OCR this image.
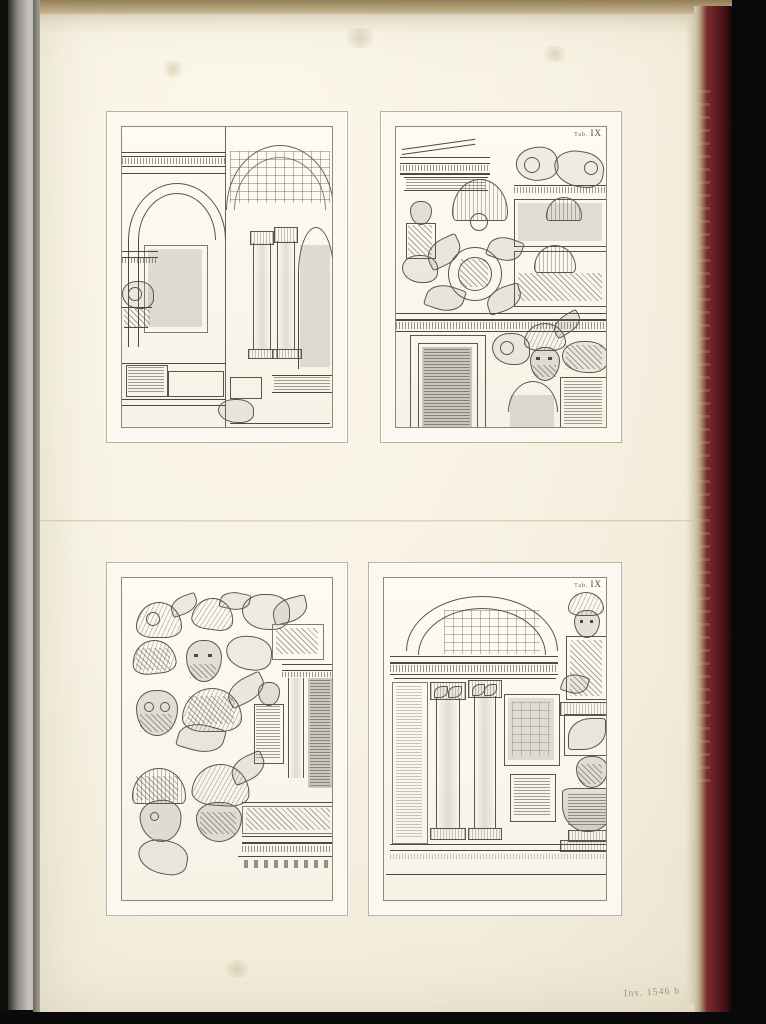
Tab. IX
Tab. IX
Inv. 1546 b
